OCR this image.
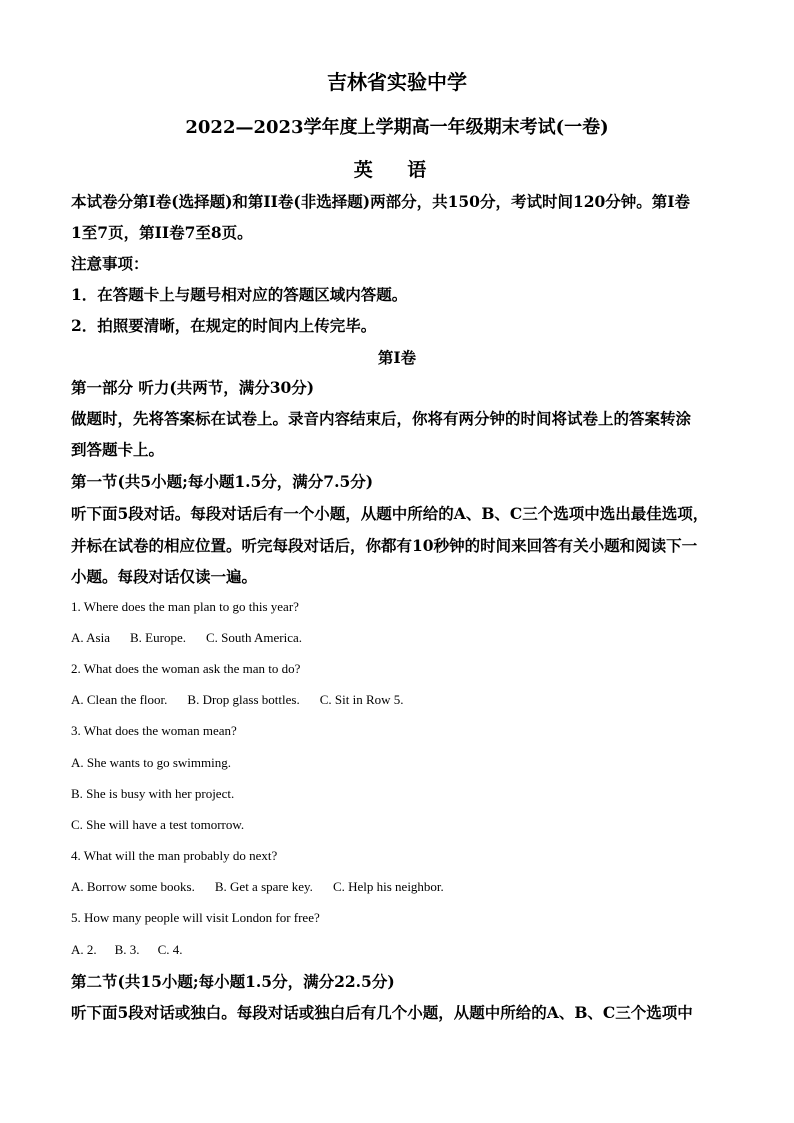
吉林省实验中学
2022—2023学年度上学期高一年级期末考试(一卷)
英 语
本试卷分第I卷(选择题)和第II卷(非选择题)两部分，共150分，考试时间120分钟。第I卷
1至7页，第II卷7至8页。
注意事项：
1．在答题卡上与题号相对应的答题区域内答题。
2．拍照要清晰，在规定的时间内上传完毕。
第I卷
第一部分 听力(共两节，满分30分)
做题时，先将答案标在试卷上。录音内容结束后，你将有两分钟的时间将试卷上的答案转涂
到答题卡上。
第一节(共5小题;每小题1.5分，满分7.5分)
听下面5段对话。每段对话后有一个小题，从题中所给的A、B、C三个选项中选出最佳选项，
并标在试卷的相应位置。听完每段对话后，你都有10秒钟的时间来回答有关小题和阅读下一
小题。每段对话仅读一遍。
1. Where does the man plan to go this year?
A. Asia B. Europe. C. South America.
2. What does the woman ask the man to do?
A. Clean the floor. B. Drop glass bottles. C. Sit in Row 5.
3. What does the woman mean?
A. She wants to go swimming.
B. She is busy with her project.
C. She will have a test tomorrow.
4. What will the man probably do next?
A. Borrow some books. B. Get a spare key. C. Help his neighbor.
5. How many people will visit London for free?
A. 2. B. 3. C. 4.
第二节(共15小题;每小题1.5分，满分22.5分)
听下面5段对话或独白。每段对话或独白后有几个小题，从题中所给的A、B、C三个选项中
